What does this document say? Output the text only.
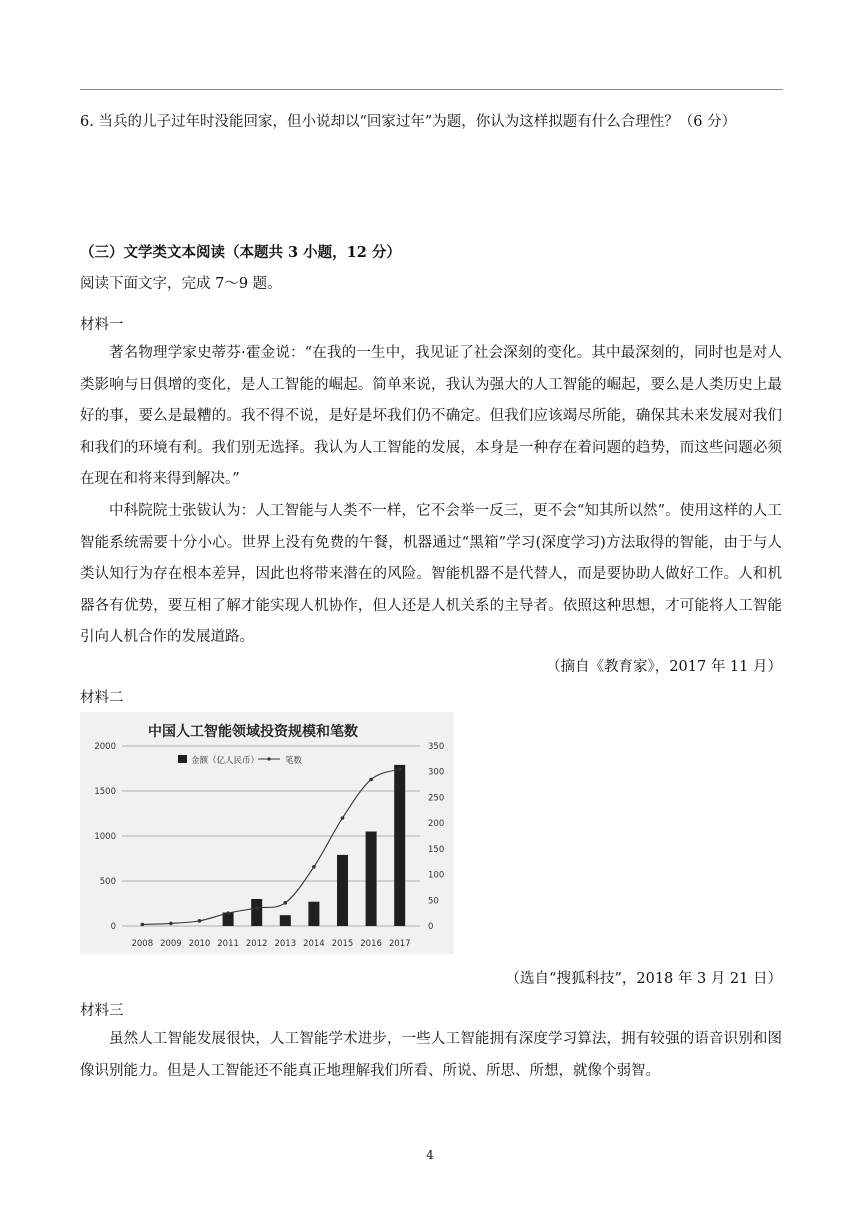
6. 当兵的儿子过年时没能回家，但小说却以“回家过年”为题，你认为这样拟题有什么合理性？（6 分）
（三）文学类文本阅读（本题共 3 小题，12 分）
阅读下面文字，完成 7～9 题。
材料一

著名物理学家史蒂芬·霍金说：“在我的一生中，我见证了社会深刻的变化。其中最深刻的，同时也是对人类影响与日俱增的变化，是人工智能的崛起。简单来说，我认为强大的人工智能的崛起，要么是人类历史上最好的事，要么是最糟的。我不得不说，是好是坏我们仍不确定。但我们应该竭尽所能，确保其未来发展对我们和我们的环境有利。我们别无选择。我认为人工智能的发展，本身是一种存在着问题的趋势，而这些问题必须在现在和将来得到解决。”

中科院院士张钹认为：人工智能与人类不一样，它不会举一反三，更不会“知其所以然”。使用这样的人工智能系统需要十分小心。世界上没有免费的午餐，机器通过“黑箱”学习(深度学习)方法取得的智能，由于与人类认知行为存在根本差异，因此也将带来潜在的风险。智能机器不是代替人，而是要协助人做好工作。人和机器各有优势，要互相了解才能实现人机协作，但人还是人机关系的主导者。依照这种思想，才可能将人工智能引向人机合作的发展道路。

（摘自《教育家》，2017 年 11 月）
材料二
中国人工智能领域投资规模和笔数
0
500
1000
1500
2000
0
50
100
150
200
250
300
350
2008 2009 2010 2011 2012 2013 2014 2015 2016 2017
金额（亿人民币）	笔数
（选自“搜狐科技”，2018 年 3 月 21 日）
材料三

虽然人工智能发展很快，人工智能学术进步，一些人工智能拥有深度学习算法，拥有较强的语音识别和图像识别能力。但是人工智能还不能真正地理解我们所看、所说、所思、所想，就像个弱智。

4
